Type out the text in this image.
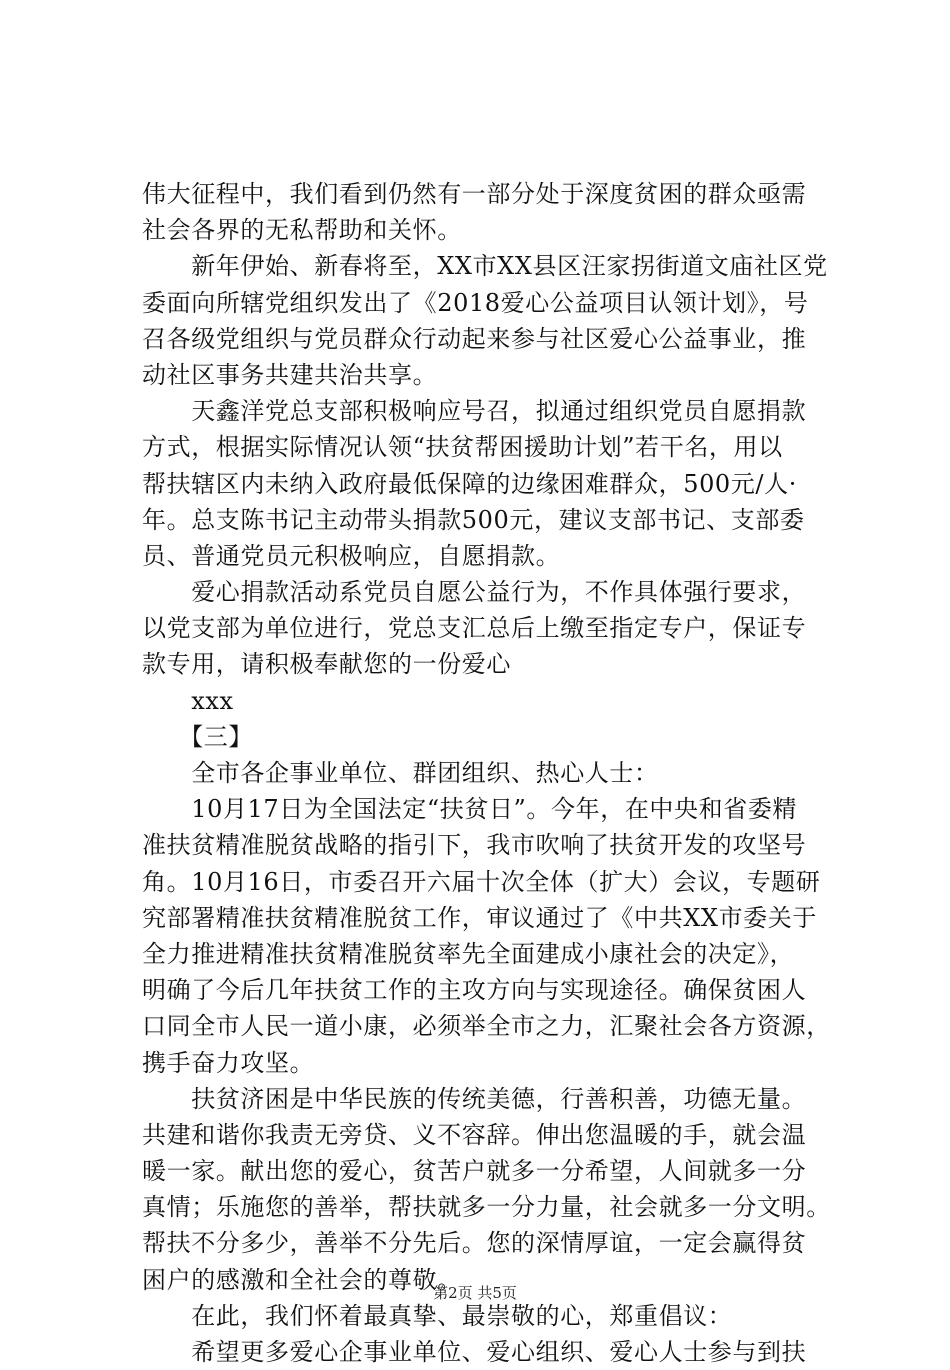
伟大征程中，我们看到仍然有一部分处于深度贫困的群众亟需
社会各界的无私帮助和关怀。
　　新年伊始、新春将至，XX市XX县区汪家拐街道文庙社区党
委面向所辖党组织发出了《2018爱心公益项目认领计划》，号
召各级党组织与党员群众行动起来参与社区爱心公益事业，推
动社区事务共建共治共享。
　　天鑫洋党总支部积极响应号召，拟通过组织党员自愿捐款
方式，根据实际情况认领“扶贫帮困援助计划”若干名，用以
帮扶辖区内未纳入政府最低保障的边缘困难群众，500元/人·
年。总支陈书记主动带头捐款500元，建议支部书记、支部委
员、普通党员元积极响应，自愿捐款。
　　爱心捐款活动系党员自愿公益行为，不作具体强行要求，
以党支部为单位进行，党总支汇总后上缴至指定专户，保证专
款专用，请积极奉献您的一份爱心
　　xxx
　　【三】
　　全市各企事业单位、群团组织、热心人士：
　　10月17日为全国法定“扶贫日”。今年，在中央和省委精
准扶贫精准脱贫战略的指引下，我市吹响了扶贫开发的攻坚号
角。10月16日，市委召开六届十次全体（扩大）会议，专题研
究部署精准扶贫精准脱贫工作，审议通过了《中共XX市委关于
全力推进精准扶贫精准脱贫率先全面建成小康社会的决定》，
明确了今后几年扶贫工作的主攻方向与实现途径。确保贫困人
口同全市人民一道小康，必须举全市之力，汇聚社会各方资源，
携手奋力攻坚。
　　扶贫济困是中华民族的传统美德，行善积善，功德无量。
共建和谐你我责无旁贷、义不容辞。伸出您温暖的手，就会温
暖一家。献出您的爱心，贫苦户就多一分希望，人间就多一分
真情；乐施您的善举，帮扶就多一分力量，社会就多一分文明。
帮扶不分多少，善举不分先后。您的深情厚谊，一定会赢得贫
困户的感激和全社会的尊敬。
　　在此，我们怀着最真挚、最崇敬的心，郑重倡议：
　　希望更多爱心企事业单位、爱心组织、爱心人士参与到扶
第2页 共5页
